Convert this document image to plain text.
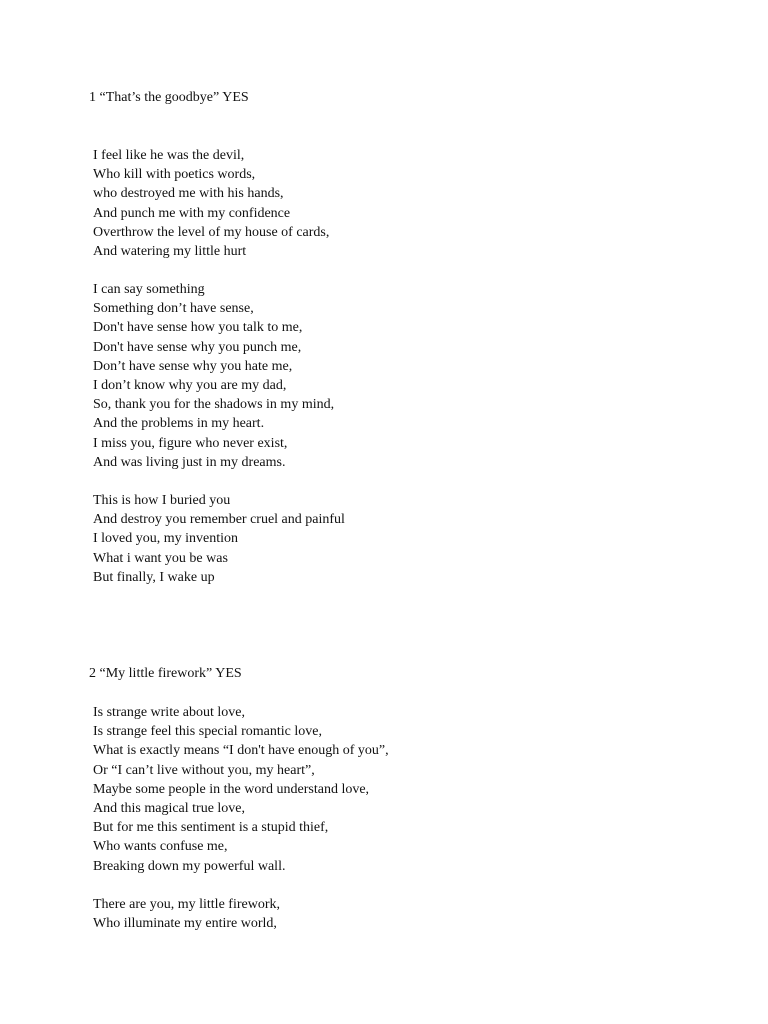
1 “That’s the goodbye” YES
I feel like he was the devil,
Who kill with poetics words,
who destroyed me with his hands,
And punch me with my confidence
Overthrow the level of my house of cards,
And watering my little hurt
I can say something
Something don’t have sense,
Don't have sense how you talk to me,
Don't have sense why you punch me,
Don’t have sense why you hate me,
I don’t know why you are my dad,
So, thank you for the shadows in my mind,
And the problems in my heart.
I miss you, figure who never exist,
And was living just in my dreams.
This is how I buried you
And destroy you remember cruel and painful
I loved you, my invention
What i want you be was
But finally, I wake up
2 “My little firework” YES
Is strange write about love,
Is strange feel this special romantic love,
What is exactly means “I don't have enough of you”,
Or “I can’t live without you, my heart”,
Maybe some people in the word understand love,
And this magical true love,
But for me this sentiment is a stupid thief,
Who wants confuse me,
Breaking down my powerful wall.
There are you, my little firework,
Who illuminate my entire world,
